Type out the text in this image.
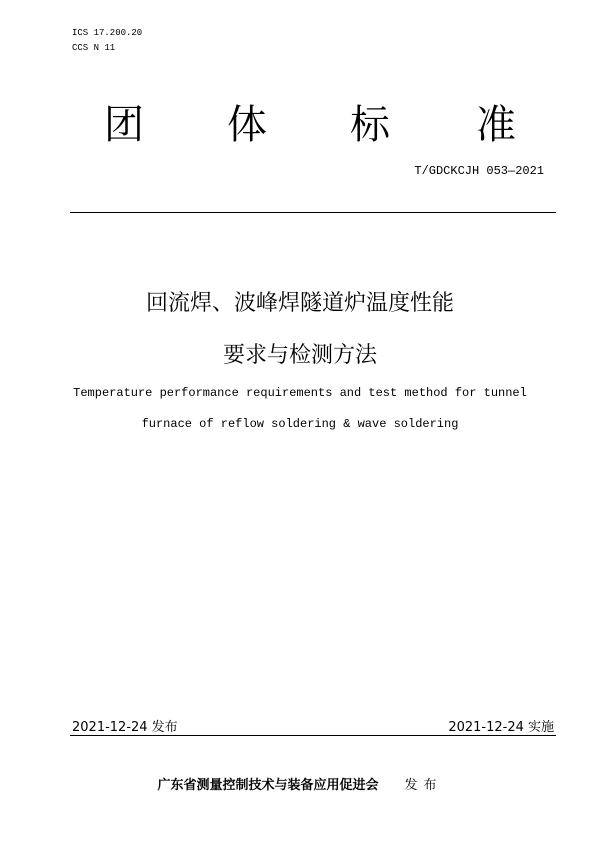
ICS 17.200.20
CCS N 11
团 体 标 准
T/GDCKCJH 053—2021
回流焊、波峰焊隧道炉温度性能
要求与检测方法
Temperature performance requirements and test method for tunnel
furnace of reflow soldering & wave soldering
2021-12-24 发布	2021-12-24 实施
广东省测量控制技术与装备应用促进会 发布
